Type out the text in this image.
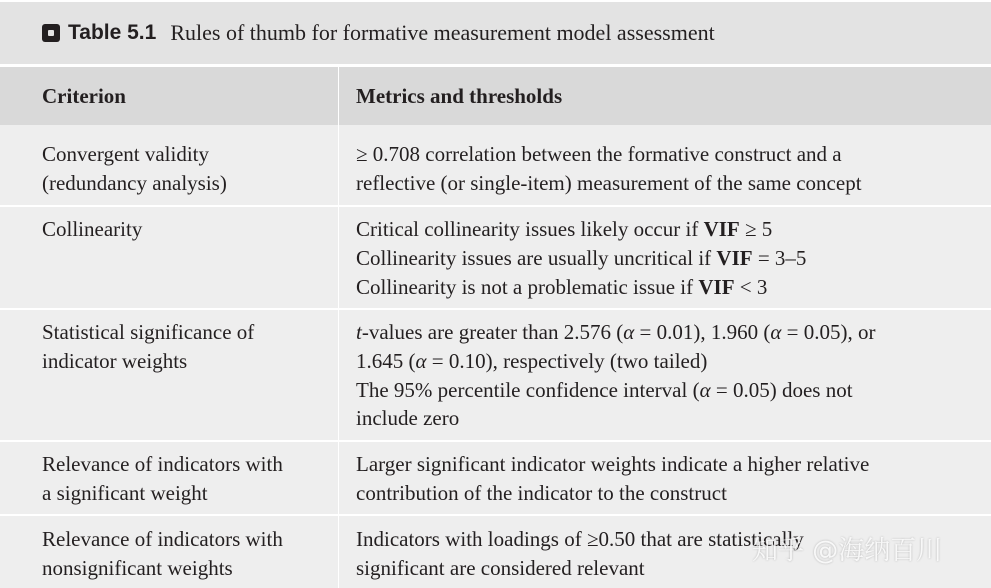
Table 5.1 Rules of thumb for formative measurement model assessment
Criterion	Metrics and thresholds
Convergent validity
(redundancy analysis)
≥ 0.708 correlation between the formative construct and a
reflective (or single-item) measurement of the same concept
Collinearity	Critical collinearity issues likely occur if VIF ≥ 5
Collinearity issues are usually uncritical if VIF = 3–5
Collinearity is not a problematic issue if VIF < 3
Statistical significance of
indicator weights
t-values are greater than 2.576 (α = 0.01), 1.960 (α = 0.05), or
1.645 (α = 0.10), respectively (two tailed)
The 95% percentile confidence interval (α = 0.05) does not
include zero
Relevance of indicators with
a significant weight
Larger significant indicator weights indicate a higher relative
contribution of the indicator to the construct
Relevance of indicators with
nonsignificant weights
Indicators with loadings of ≥0.50 that are statistically
significant are considered relevant
知乎 @海纳百川
